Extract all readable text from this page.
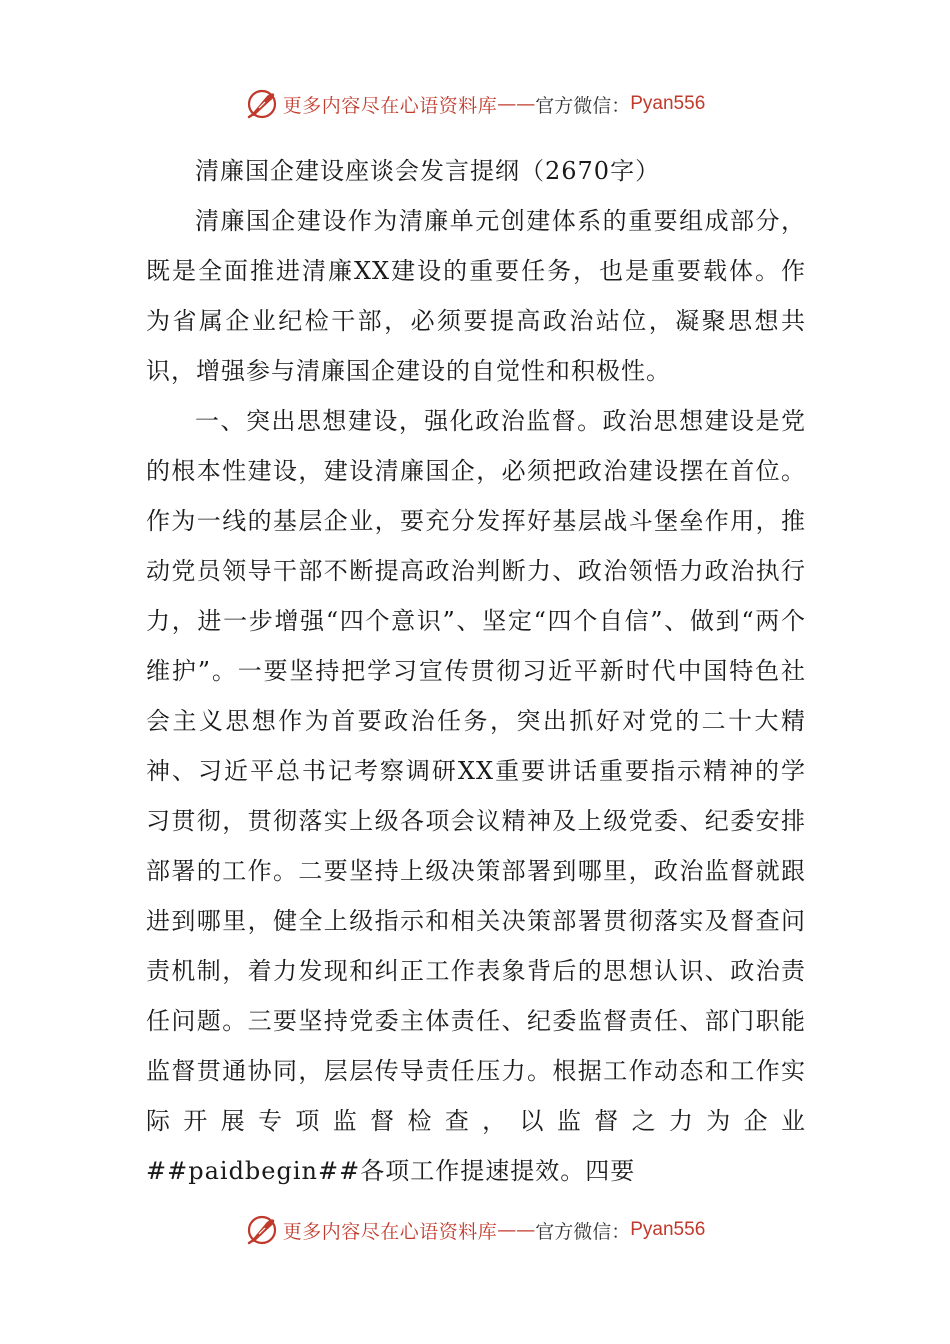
更多内容尽在心语资料库 —— 官方微信： Pyan556
清廉国企建设座谈会发言提纲（2670字）

清廉国企建设作为清廉单元创建体系的重要组成部分，既是全面推进清廉XX建设的重要任务，也是重要载体。作为省属企业纪检干部，必须要提高政治站位，凝聚思想共识，增强参与清廉国企建设的自觉性和积极性。

一、突出思想建设，强化政治监督。政治思想建设是党的根本性建设，建设清廉国企，必须把政治建设摆在首位。作为一线的基层企业，要充分发挥好基层战斗堡垒作用，推动党员领导干部不断提高政治判断力、政治领悟力政治执行力，进一步增强“四个意识”、坚定“四个自信”、做到“两个维护”。一要坚持把学习宣传贯彻习近平新时代中国特色社会主义思想作为首要政治任务，突出抓好对党的二十大精神、习近平总书记考察调研XX重要讲话重要指示精神的学习贯彻，贯彻落实上级各项会议精神及上级党委、纪委安排部署的工作。二要坚持上级决策部署到哪里，政治监督就跟进到哪里，健全上级指示和相关决策部署贯彻落实及督查问责机制，着力发现和纠正工作表象背后的思想认识、政治责任问题。三要坚持党委主体责任、纪委监督责任、部门职能监督贯通协同，层层传导责任压力。根据工作动态和工作实际开展专项监督检查，以监督之力为企业##paidbegin##各项工作提速提效。四要

更多内容尽在心语资料库 —— 官方微信： Pyan556
